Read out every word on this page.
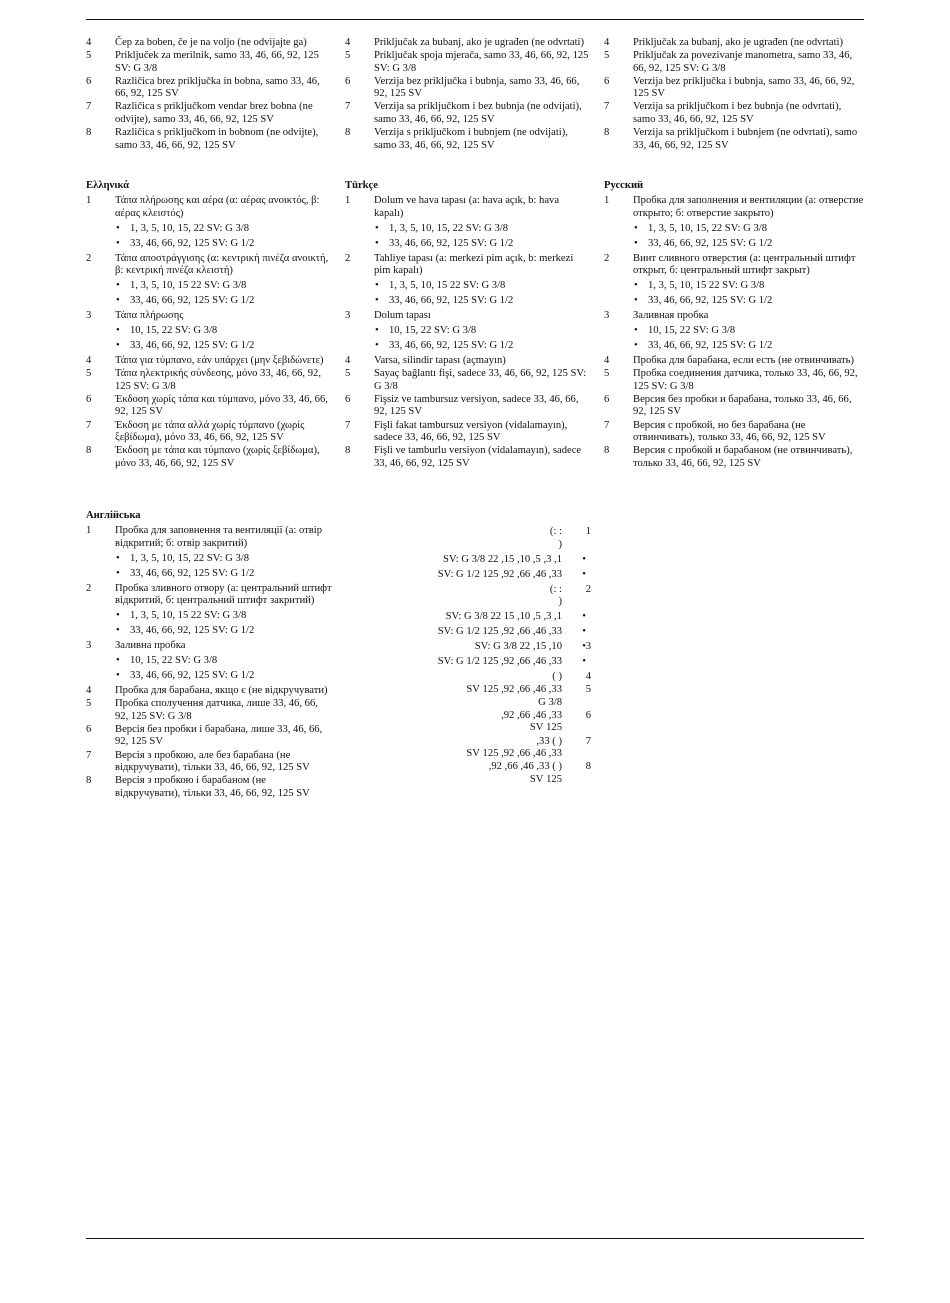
4 Čep za boben, če je na voljo (ne odvijajte ga)
5 Priključek za merilnik, samo 33, 46, 66, 92, 125 SV: G 3/8
6 Različica brez priključka in bobna, samo 33, 46, 66, 92, 125 SV
7 Različica s priključkom vendar brez bobna (ne odvijte), samo 33, 46, 66, 92, 125 SV
8 Različica s priključkom in bobnom (ne odvijte), samo 33, 46, 66, 92, 125 SV
4 Priključak za bubanj, ako je ugrađen (ne odvrtati)
5 Priključak spoja mjerača, samo 33, 46, 66, 92, 125 SV: G 3/8
6 Verzija bez priključka i bubnja, samo 33, 46, 66, 92, 125 SV
7 Verzija sa priključkom i bez bubnja (ne odvijati), samo 33, 46, 66, 92, 125 SV
8 Verzija s priključkom i bubnjem (ne odvijati), samo 33, 46, 66, 92, 125 SV
4 Priključak za bubanj, ako je ugrađen (ne odvrtati)
5 Priključak za povezivanje manometra, samo 33, 46, 66, 92, 125 SV: G 3/8
6 Verzija bez priključka i bubnja, samo 33, 46, 66, 92, 125 SV
7 Verzija sa priključkom i bez bubnja (ne odvrtati), samo 33, 46, 66, 92, 125 SV
8 Verzija sa priključkom i bubnjem (ne odvrtati), samo 33, 46, 66, 92, 125 SV
Ελληνικά
1 Τάπα πλήρωσης και αέρα (α: αέρας ανοικτός, β: αέρας κλειστός)
• 1, 3, 5, 10, 15, 22 SV: G 3/8
• 33, 46, 66, 92, 125 SV: G 1/2
2 Τάπα αποστράγγισης (α: κεντρική πινέζα ανοικτή, β: κεντρική πινέζα κλειστή)
• 1, 3, 5, 10, 15 22 SV: G 3/8
• 33, 46, 66, 92, 125 SV: G 1/2
3 Τάπα πλήρωσης
• 10, 15, 22 SV: G 3/8
• 33, 46, 66, 92, 125 SV: G 1/2
4 Τάπα για τύμπανο, εάν υπάρχει (μην ξεβιδώνετε)
5 Τάπα ηλεκτρικής σύνδεσης, μόνο 33, 46, 66, 92, 125 SV: G 3/8
6 Έκδοση χωρίς τάπα και τύμπανο, μόνο 33, 46, 66, 92, 125 SV
7 Έκδοση με τάπα αλλά χωρίς τύμπανο (χωρίς ξεβίδωμα), μόνο 33, 46, 66, 92, 125 SV
8 Έκδοση με τάπα και τύμπανο (χωρίς ξεβίδωμα), μόνο 33, 46, 66, 92, 125 SV
Türkçe
1 Dolum ve hava tapası (a: hava açık, b: hava kapalı)
• 1, 3, 5, 10, 15, 22 SV: G 3/8
• 33, 46, 66, 92, 125 SV: G 1/2
2 Tahliye tapası (a: merkezi pim açık, b: merkezi pim kapalı)
• 1, 3, 5, 10, 15 22 SV: G 3/8
• 33, 46, 66, 92, 125 SV: G 1/2
3 Dolum tapası
• 10, 15, 22 SV: G 3/8
• 33, 46, 66, 92, 125 SV: G 1/2
4 Varsa, silindir tapası (açmayın)
5 Sayaç bağlantı fişi, sadece 33, 46, 66, 92, 125 SV: G 3/8
6 Fişsiz ve tambursuz versiyon, sadece 33, 46, 66, 92, 125 SV
7 Fişli fakat tambursuz versiyon (vidalamayın), sadece 33, 46, 66, 92, 125 SV
8 Fişli ve tamburlu versiyon (vidalamayın), sadece 33, 46, 66, 92, 125 SV
Русский
1 Пробка для заполнения и вентиляции (а: отверстие открыто; б: отверстие закрыто)
• 1, 3, 5, 10, 15, 22 SV: G 3/8
• 33, 46, 66, 92, 125 SV: G 1/2
2 Винт сливного отверстия (а: центральный штифт открыт, б: центральный штифт закрыт)
• 1, 3, 5, 10, 15 22 SV: G 3/8
• 33, 46, 66, 92, 125 SV: G 1/2
3 Заливная пробка
• 10, 15, 22 SV: G 3/8
• 33, 46, 66, 92, 125 SV: G 1/2
4 Пробка для барабана, если есть (не отвинчивать)
5 Пробка соединения датчика, только 33, 46, 66, 92, 125 SV: G 3/8
6 Версия без пробки и барабана, только 33, 46, 66, 92, 125 SV
7 Версия с пробкой, но без барабана (не отвинчивать), только 33, 46, 66, 92, 125 SV
8 Версия с пробкой и барабаном (не отвинчивать), только 33, 46, 66, 92, 125 SV
Англійська
1 Пробка для заповнення та вентиляції (а: отвір відкритий; б: отвір закритий)
• 1, 3, 5, 10, 15, 22 SV: G 3/8
• 33, 46, 66, 92, 125 SV: G 1/2
2 Пробка зливного отвору (а: центральний штифт відкритий, б: центральний штифт закритий)
• 1, 3, 5, 10, 15 22 SV: G 3/8
• 33, 46, 66, 92, 125 SV: G 1/2
3 Заливна пробка
• 10, 15, 22 SV: G 3/8
• 33, 46, 66, 92, 125 SV: G 1/2
4 Пробка для барабана, якщо є (не відкручувати)
5 Пробка сполучення датчика, лише 33, 46, 66, 92, 125 SV: G 3/8
6 Версія без пробки і барабана, лише 33, 46, 66, 92, 125 SV
7 Версія з пробкою, але без барабана (не відкручувати), тільки 33, 46, 66, 92, 125 SV
8 Версія з пробкою і барабаном (не відкручувати), тільки 33, 46, 66, 92, 125 SV
1
: :)
(
•
1, 3, 5, 10, 15, 22 SV: G 3/8
•
33, 46, 66, 92, 125 SV: G 1/2
2
: :)
(
•
1, 3, 5, 10, 15 22 SV: G 3/8
•
33, 46, 66, 92, 125 SV: G 1/2
3
•
10, 15, 22 SV: G 3/8
•
33, 46, 66, 92, 125 SV: G 1/2
4
( )
5
33, 46, 66, 92, 125 SV
G 3/8
6
33, 46, 66, 92,
125 SV
7
( ) 33,
33, 46, 66, 92, 125 SV
8
( ) 33, 46, 66, 92,
125 SV
